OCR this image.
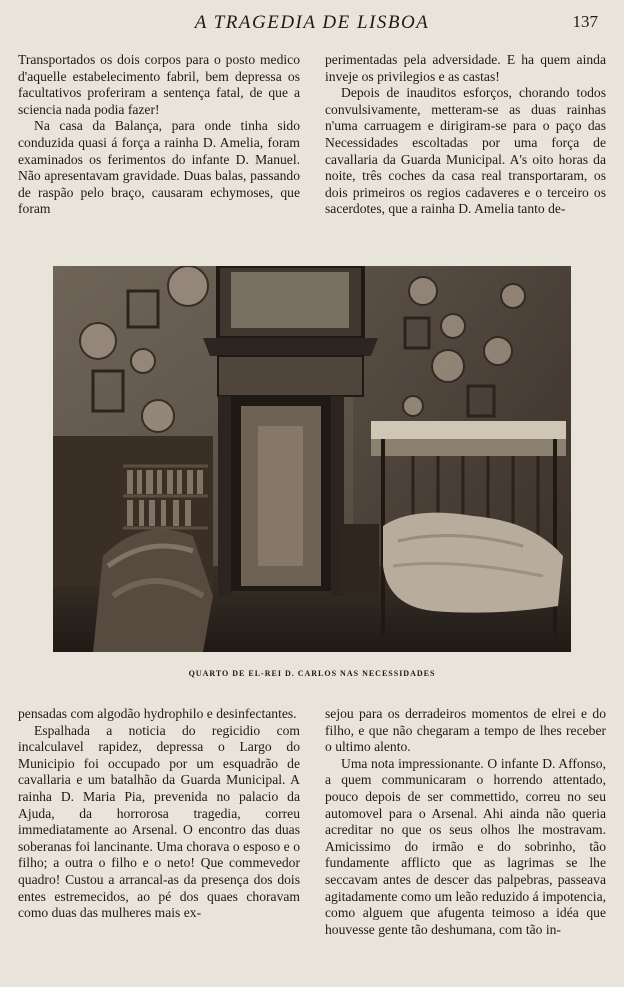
A TRAGEDIA DE LISBOA	137

Transportados os dois corpos para o posto medico d'aquelle estabelecimento fabril, bem depressa os facultativos proferiram a sentença fatal, de que a sciencia nada podia fazer!

Na casa da Balança, para onde tinha sido conduzida quasi á força a rainha D. Amelia, foram examinados os ferimentos do infante D. Manuel. Não apresentavam gravidade. Duas balas, passando de raspão pelo braço, causaram echymoses, que foram

perimentadas pela adversidade. E ha quem ainda inveje os privilegios e as castas!

Depois de inauditos esforços, chorando todos convulsivamente, metteram-se as duas rainhas n'uma carruagem e dirigiram-se para o paço das Necessidades escoltadas por uma força de cavallaria da Guarda Municipal. A's oito horas da noite, três coches da casa real transportaram, os dois primeiros os regios cadaveres e o terceiro os sacerdotes, que a rainha D. Amelia tanto de-

QUARTO DE EL-REI D. CARLOS NAS NECESSIDADES

pensadas com algodão hydrophilo e desinfectantes.

Espalhada a noticia do regicidio com incalculavel rapidez, depressa o Largo do Municipio foi occupado por um esquadrão de cavallaria e um batalhão da Guarda Municipal. A rainha D. Maria Pia, prevenida no palacio da Ajuda, da horrorosa tragedia, correu immediatamente ao Arsenal. O encontro das duas soberanas foi lancinante. Uma chorava o esposo e o filho; a outra o filho e o neto! Que commevedor quadro! Custou a arrancal-as da presença dos dois entes estremecidos, ao pé dos quaes choravam como duas das mulheres mais ex-

sejou para os derradeiros momentos de elrei e do filho, e que não chegaram a tempo de lhes receber o ultimo alento.

Uma nota impressionante. O infante D. Affonso, a quem communicaram o horrendo attentado, pouco depois de ser commettido, correu no seu automovel para o Arsenal. Ahi ainda não queria acreditar no que os seus olhos lhe mostravam. Amicissimo do irmão e do sobrinho, tão fundamente afflicto que as lagrimas se lhe seccavam antes de descer das palpebras, passeava agitadamente como um leão reduzido á impotencia, como alguem que afugenta teimoso a idéa que houvesse gente tão deshumana, com tão in-
